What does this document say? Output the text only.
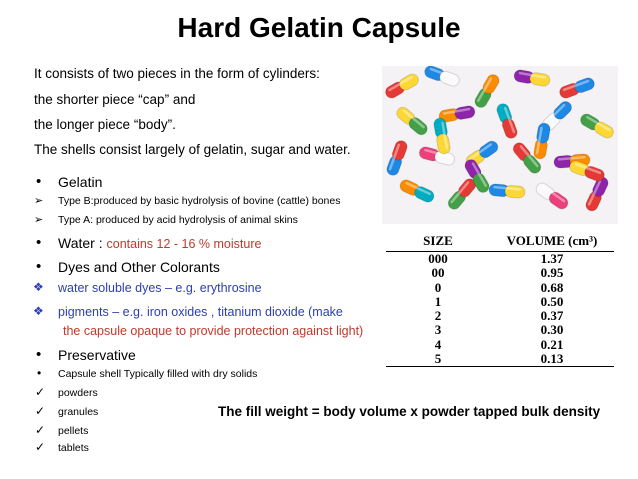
Hard Gelatin Capsule
It consists of two pieces in the form of cylinders:
the shorter piece “cap” and
the longer piece “body”.
The shells consist largely of gelatin, sugar and water.
• Gelatin
➢ Type B:produced by basic hydrolysis of bovine (cattle) bones
➢ Type A: produced by acid hydrolysis of animal skins
• Water : contains 12 - 16 % moisture
• Dyes and Other Colorants
❖ water soluble dyes – e.g. erythrosine
❖ pigments – e.g. iron oxides , titanium dioxide (make
the capsule opaque to provide protection against light)
• Preservative
• Capsule shell Typically filled with dry solids
✓ powders
✓ granules
✓ pellets
✓ tablets
SIZE	VOLUME (cm³)
000	1.37
00	0.95
0	0.68
1	0.50
2	0.37
3	0.30
4	0.21
5	0.13
The fill weight = body volume x powder tapped bulk density
